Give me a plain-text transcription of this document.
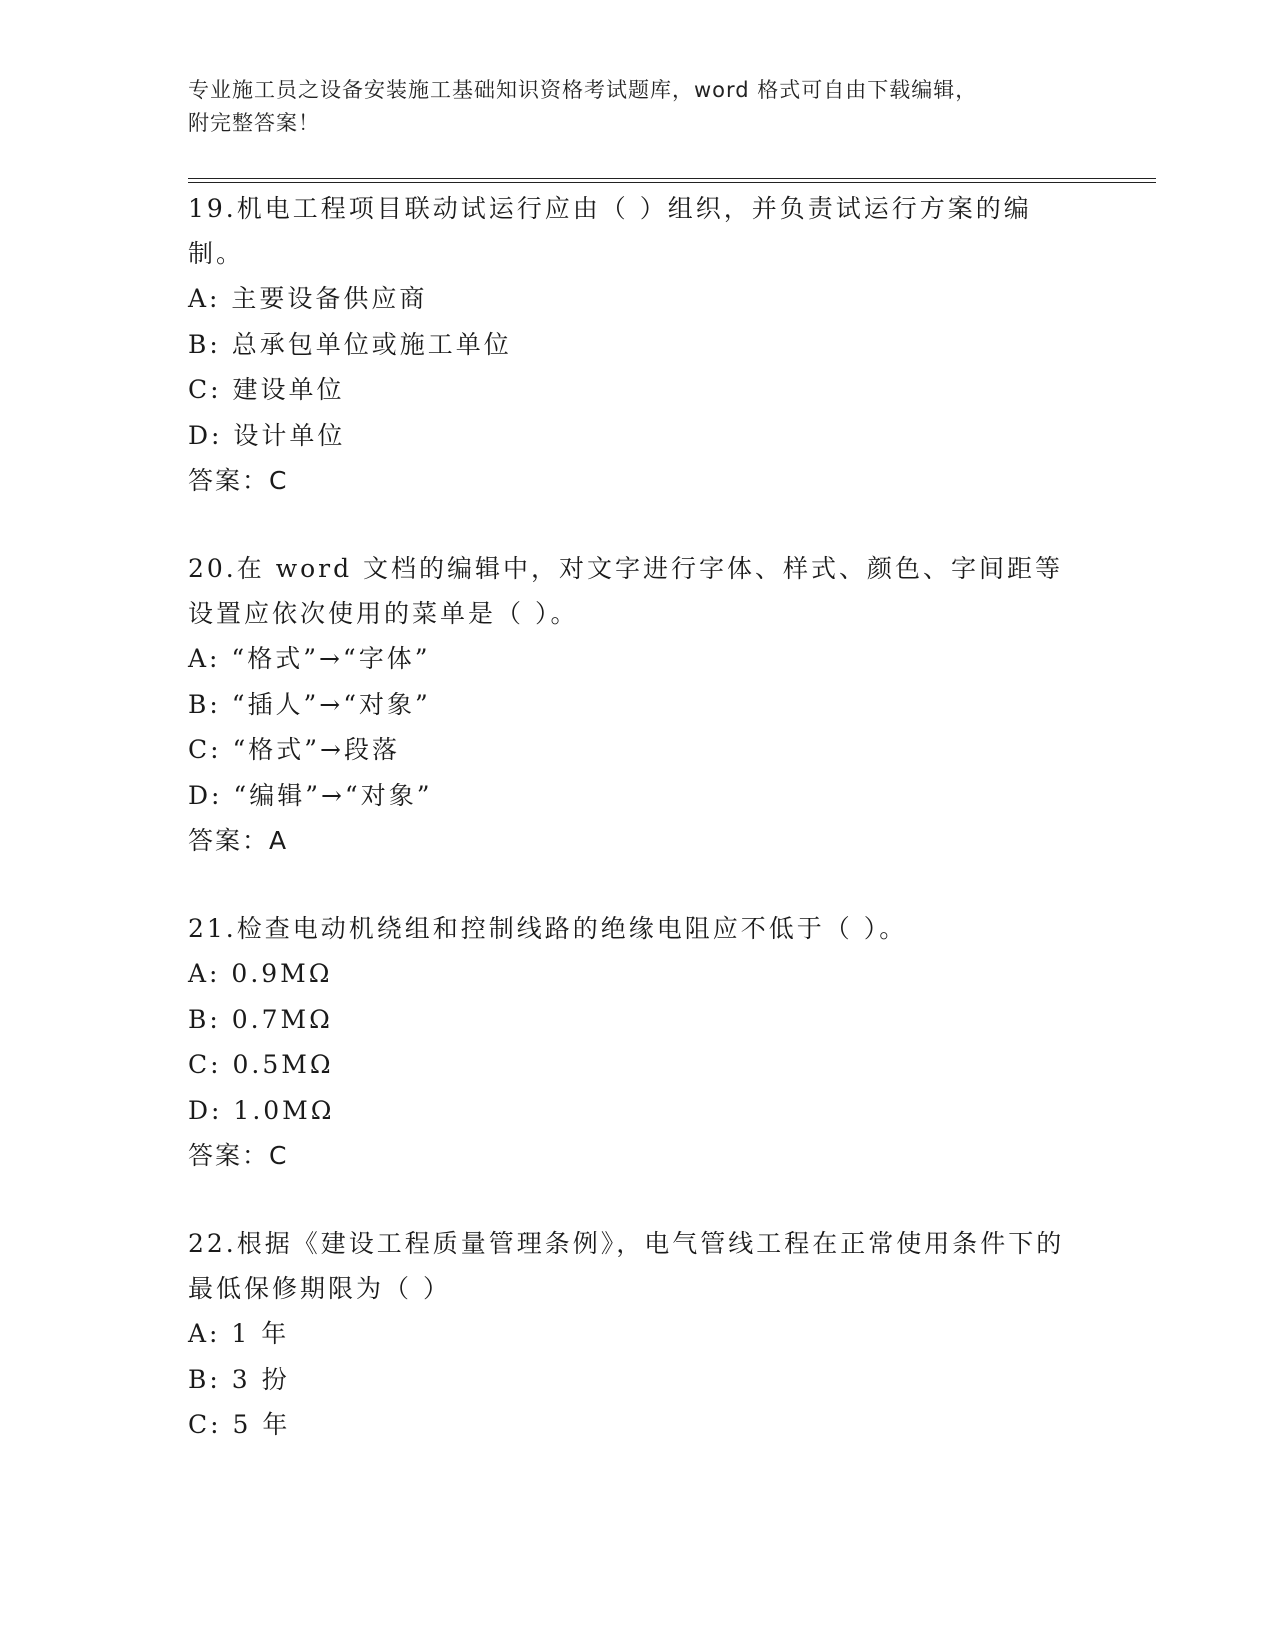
专业施工员之设备安装施工基础知识资格考试题库，word 格式可自由下载编辑，
附完整答案！
19.机电工程项目联动试运行应由（ ）组织，并负责试运行方案的编制。
A: 主要设备供应商
B: 总承包单位或施工单位
C: 建设单位
D: 设计单位
答案：C
20.在 word 文档的编辑中，对文字进行字体、样式、颜色、字间距等设置应依次使用的菜单是（ ）。
A: “格式”→“字体”
B: “插人”→“对象”
C: “格式”→段落
D: “编辑”→“对象”
答案：A
21.检查电动机绕组和控制线路的绝缘电阻应不低于（ ）。
A: 0.9MΩ
B: 0.7MΩ
C: 0.5MΩ
D: 1.0MΩ
答案：C
22.根据《建设工程质量管理条例》，电气管线工程在正常使用条件下的最低保修期限为（ ）
A: 1 年
B: 3 扮
C: 5 年
